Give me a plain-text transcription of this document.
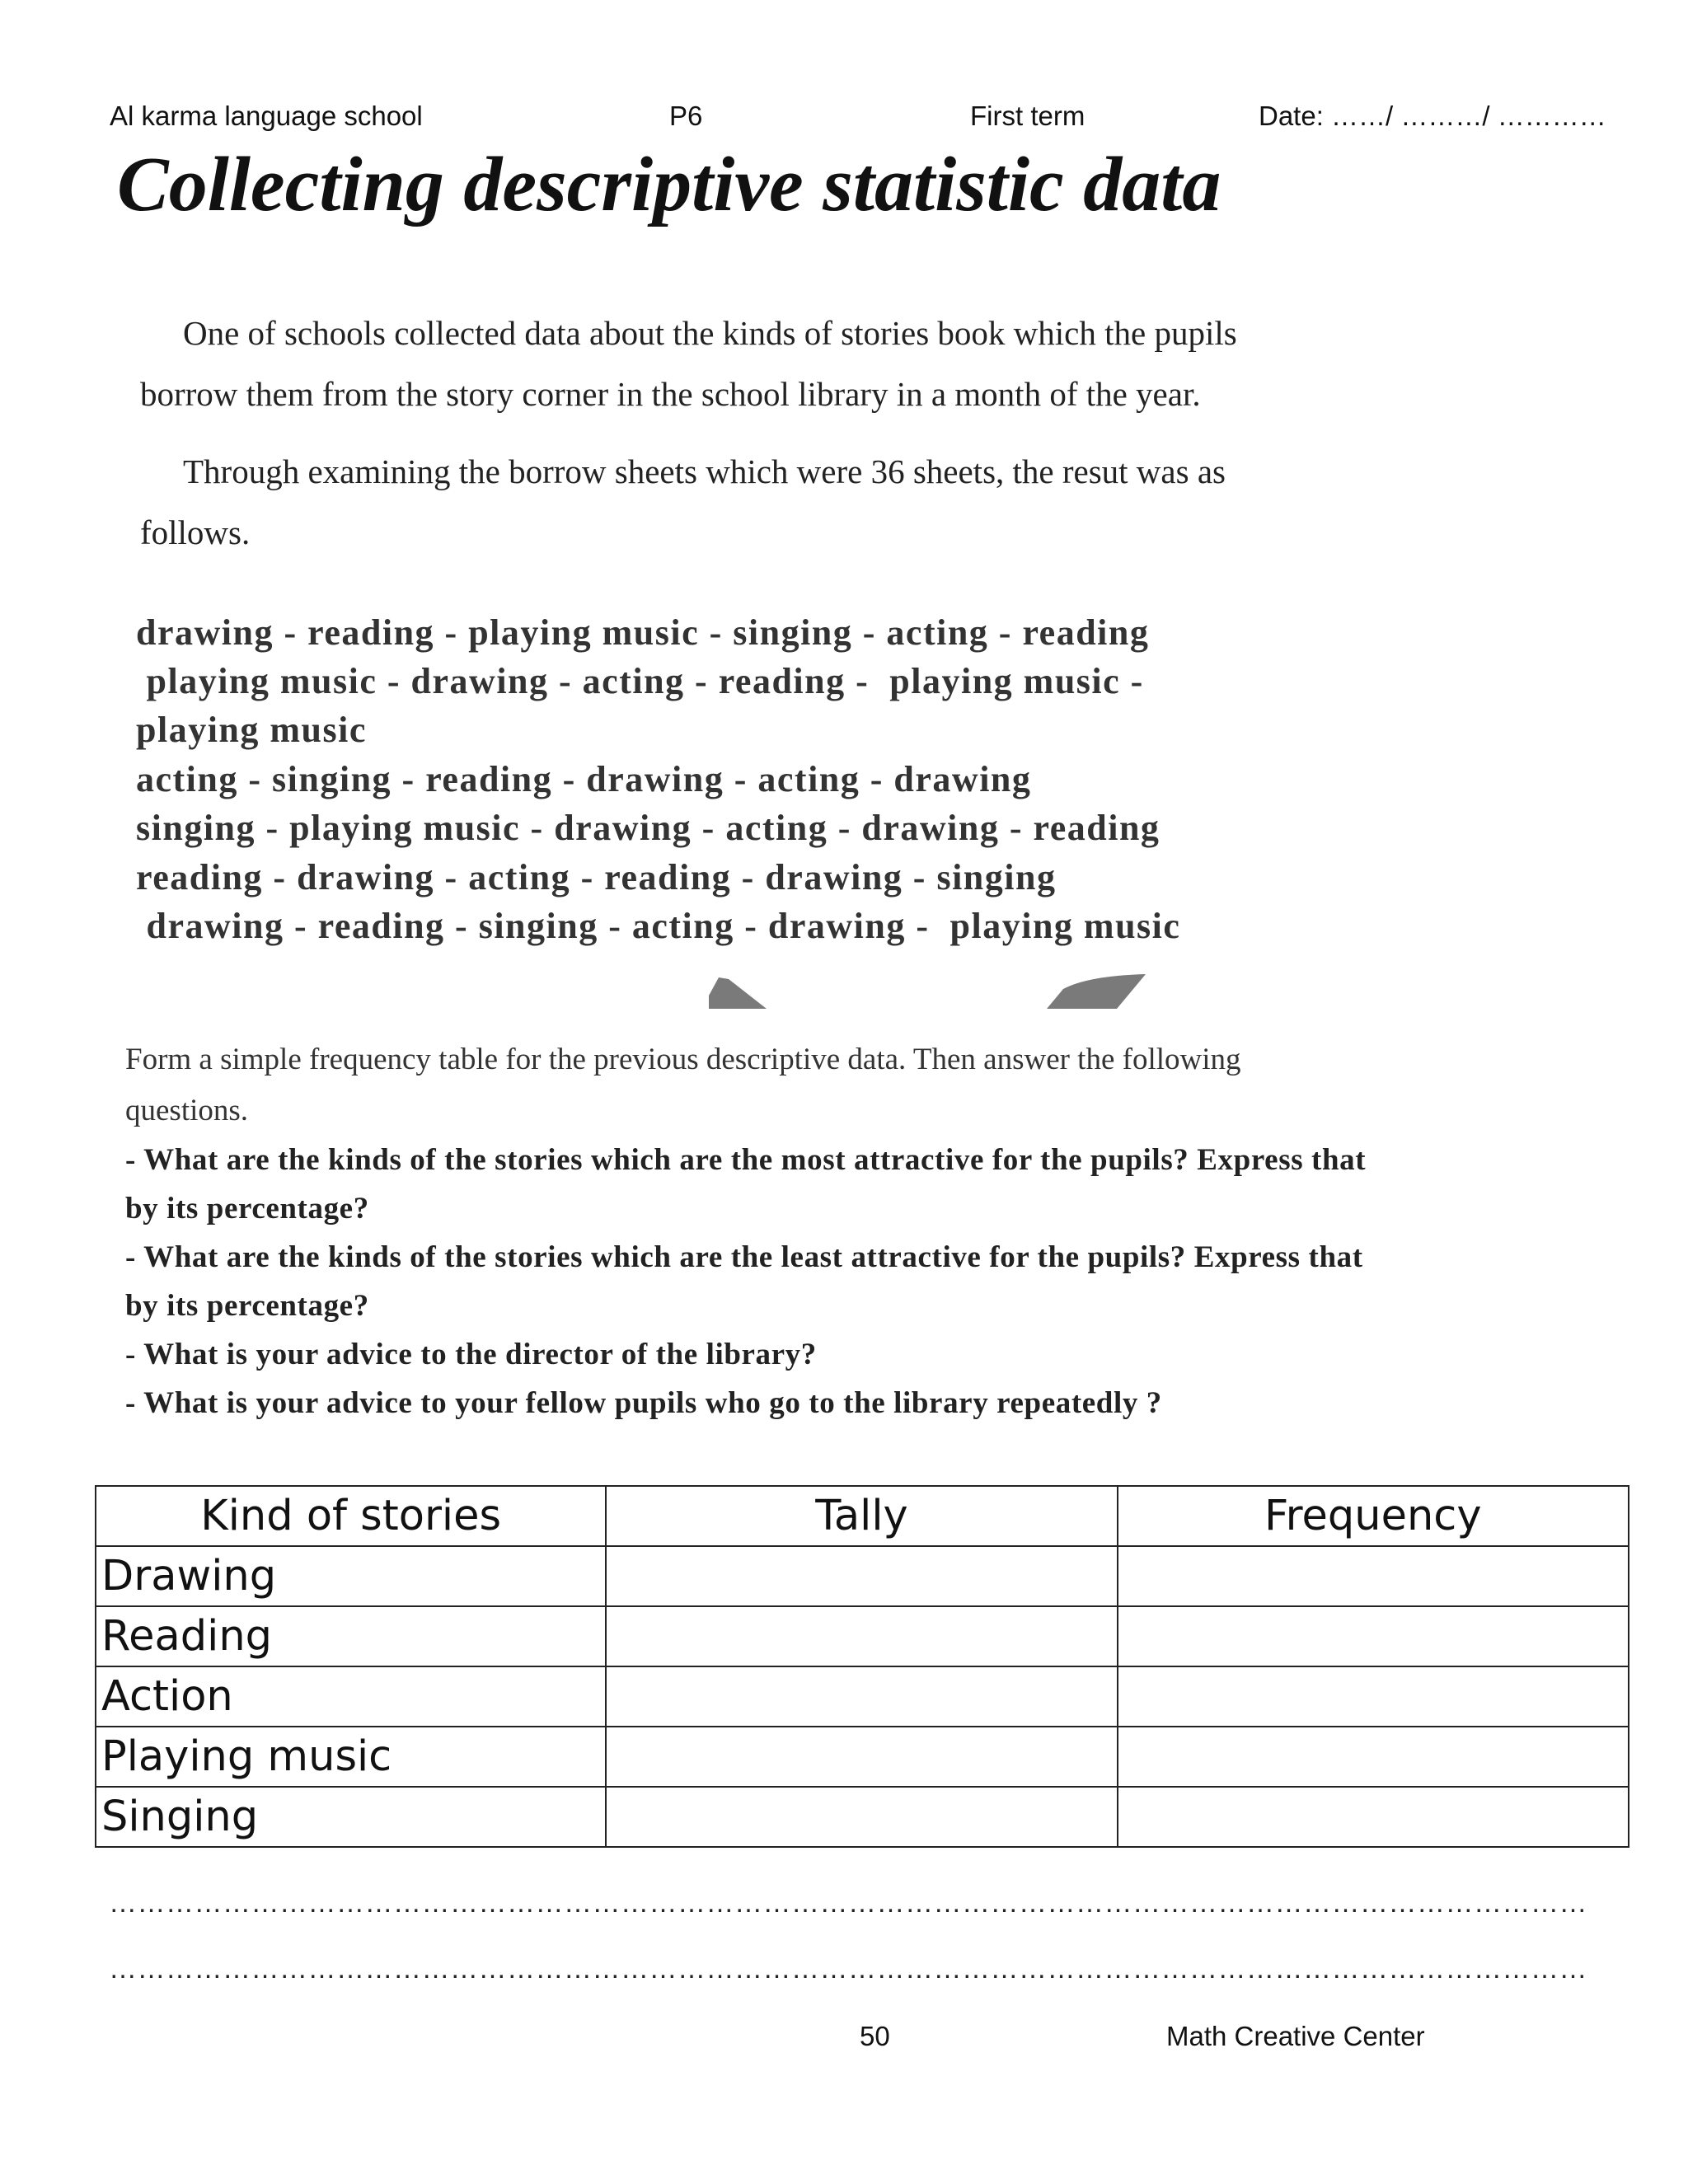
Al karma language school	P6	First term	Date: ……/ ………/ …………
Collecting descriptive statistic data
One of schools collected data about the kinds of stories book which the pupils
borrow them from the story corner in the school library in a month of the year.
Through examining the borrow sheets which were 36 sheets, the resut was as
follows.
drawing - reading - playing music - singing - acting - reading
playing music - drawing - acting - reading -  playing music -
playing music
acting - singing - reading - drawing - acting - drawing
singing - playing music - drawing - acting - drawing - reading
reading - drawing - acting - reading - drawing - singing
drawing - reading - singing - acting - drawing -  playing music
Form a simple frequency table for the previous descriptive data. Then answer the following
questions.
- What are the kinds of the stories which are the most attractive for the pupils? Express that
by its percentage?
- What are the kinds of the stories which are the least attractive for the pupils? Express that
by its percentage?
- What is your advice to the director of the library?
- What is your advice to your fellow pupils who go to the library repeatedly ?
Kind of stories	Tally	Frequency
Drawing		
Reading		
Action		
Playing music		
Singing		
…………………………………………………………………………………………………………………………………………
…………………………………………………………………………………………………………………………………………
50	Math Creative Center
